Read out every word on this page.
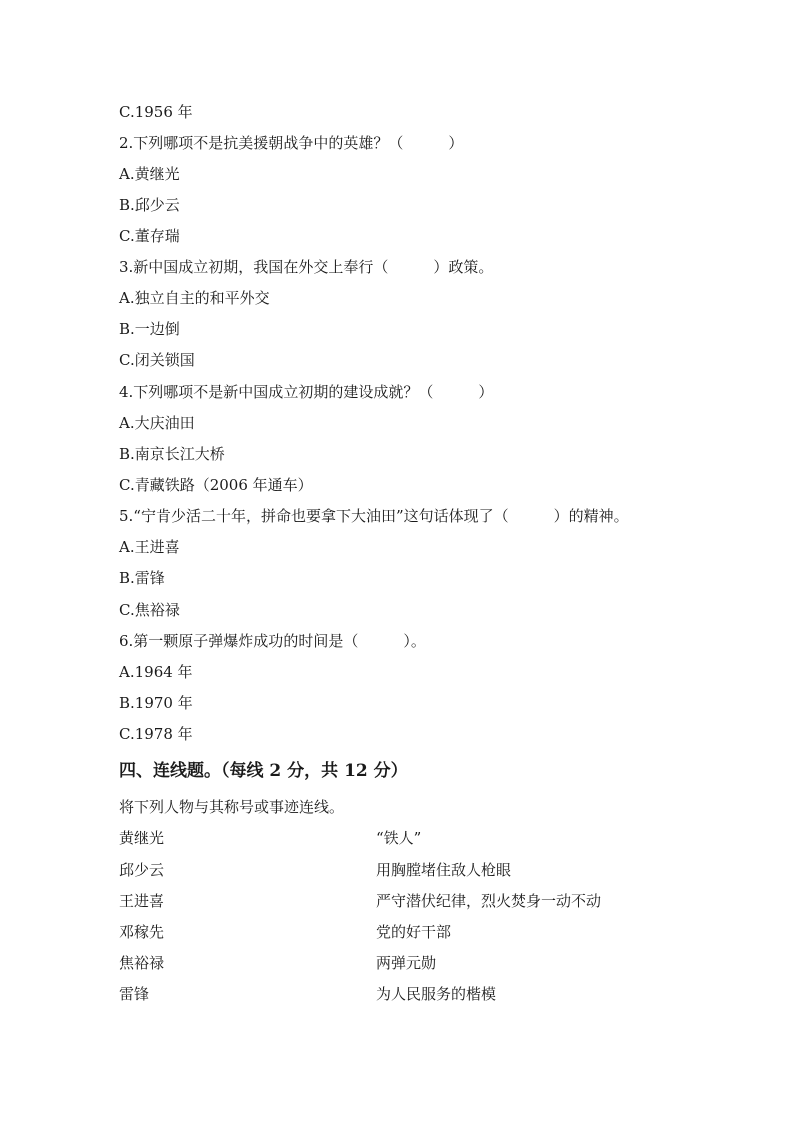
C.1956 年
2.下列哪项不是抗美援朝战争中的英雄？（　　　）
A.黄继光
B.邱少云
C.董存瑞
3.新中国成立初期，我国在外交上奉行（　　　）政策。
A.独立自主的和平外交
B.一边倒
C.闭关锁国
4.下列哪项不是新中国成立初期的建设成就？（　　　）
A.大庆油田
B.南京长江大桥
C.青藏铁路（2006 年通车）
5.“宁肯少活二十年，拼命也要拿下大油田”这句话体现了（　　　）的精神。
A.王进喜
B.雷锋
C.焦裕禄
6.第一颗原子弹爆炸成功的时间是（　　　）。
A.1964 年
B.1970 年
C.1978 年
四、连线题。（每线 2 分，共 12 分）
将下列人物与其称号或事迹连线。
黄继光	“铁人”
邱少云	用胸膛堵住敌人枪眼
王进喜	严守潜伏纪律，烈火焚身一动不动
邓稼先	党的好干部
焦裕禄	两弹元勋
雷锋	为人民服务的楷模
